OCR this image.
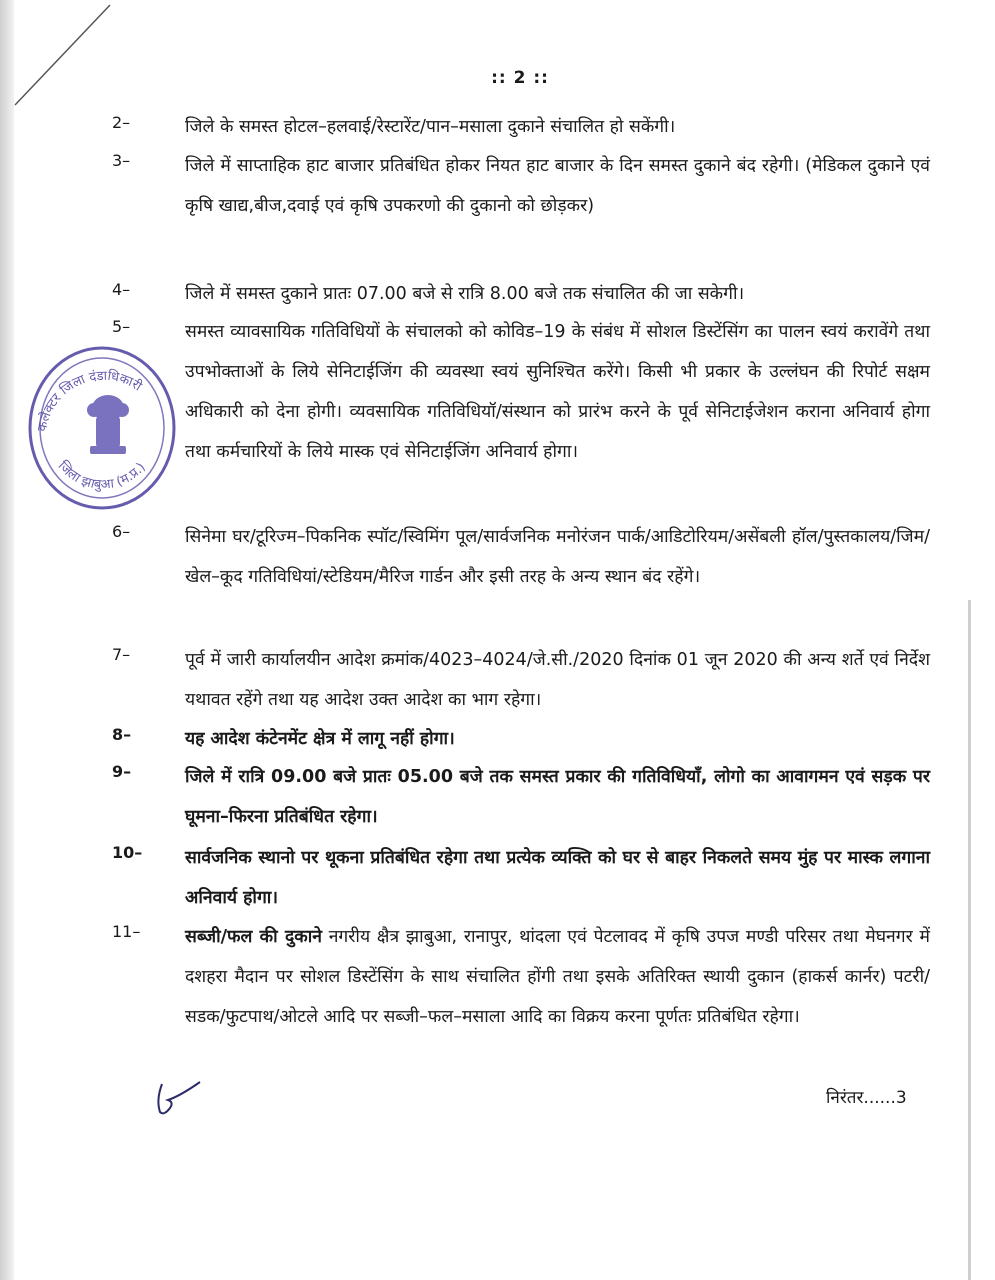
:: 2 ::
2–	जिले के समस्त होटल–हलवाई/रेस्टारेंट/पान–मसाला दुकाने संचालित हो सकेंगी।
3–	जिले में साप्ताहिक हाट बाजार प्रतिबंधित होकर नियत हाट बाजार के दिन समस्त दुकाने बंद रहेगी। (मेडिकल दुकाने एवं कृषि खाद्य,बीज,दवाई एवं कृषि उपकरणो की दुकानो को छोड़कर)
4–	जिले में समस्त दुकाने प्रातः 07.00 बजे से रात्रि 8.00 बजे तक संचालित की जा सकेगी।
5–	समस्त व्यावसायिक गतिविधियों के संचालको को कोविड–19 के संबंध में सोशल डिस्टेंसिंग का पालन स्वयं करावेंगे तथा उपभोक्ताओं के लिये सेनिटाईजिंग की व्यवस्था स्वयं सुनिश्चित करेंगे। किसी भी प्रकार के उल्लंघन की रिपोर्ट सक्षम अधिकारी को देना होगी। व्यवसायिक गतिविधियॉ/संस्थान को प्रारंभ करने के पूर्व सेनिटाईजेशन कराना अनिवार्य होगा तथा कर्मचारियों के लिये मास्क एवं सेनिटाईजिंग अनिवार्य होगा।
6–	सिनेमा घर/टूरिज्म–पिकनिक स्पॉट/स्विमिंग पूल/सार्वजनिक मनोरंजन पार्क/आडिटोरियम/असेंबली हॉल/पुस्तकालय/जिम/खेल–कूद गतिविधियां/स्टेडियम/मैरिज गार्डन और इसी तरह के अन्य स्थान बंद रहेंगे।
7–	पूर्व में जारी कार्यालयीन आदेश क्रमांक/4023–4024/जे.सी./2020 दिनांक 01 जून 2020 की अन्य शर्ते एवं निर्देश यथावत रहेंगे तथा यह आदेश उक्त आदेश का भाग रहेगा।
8–	यह आदेश कंटेनमेंट क्षेत्र में लागू नहीं होगा।
9–	जिले में रात्रि 09.00 बजे प्रातः 05.00 बजे तक समस्त प्रकार की गतिविधियॉं, लोगो का आवागमन एवं सड़क पर घूमना–फिरना प्रतिबंधित रहेगा।
10–	सार्वजनिक स्थानो पर थूकना प्रतिबंधित रहेगा तथा प्रत्येक व्यक्ति को घर से बाहर निकलते समय मुंह पर मास्क लगाना अनिवार्य होगा।
11–	सब्जी/फल की दुकाने नगरीय क्षैत्र झाबुआ, रानापुर, थांदला एवं पेटलावद में कृषि उपज मण्डी परिसर तथा मेघनगर में दशहरा मैदान पर सोशल डिस्टेंसिंग के साथ संचालित होंगी तथा इसके अतिरिक्त स्थायी दुकान (हाकर्स कार्नर) पटरी/सडक/फुटपाथ/ओटले आदि पर सब्जी–फल–मसाला आदि का विक्रय करना पूर्णतः प्रतिबंधित रहेगा।
कलेक्टर जिला दंडाधिकारी
जिला झाबुआ (म.प्र.)
निरंतर......3
